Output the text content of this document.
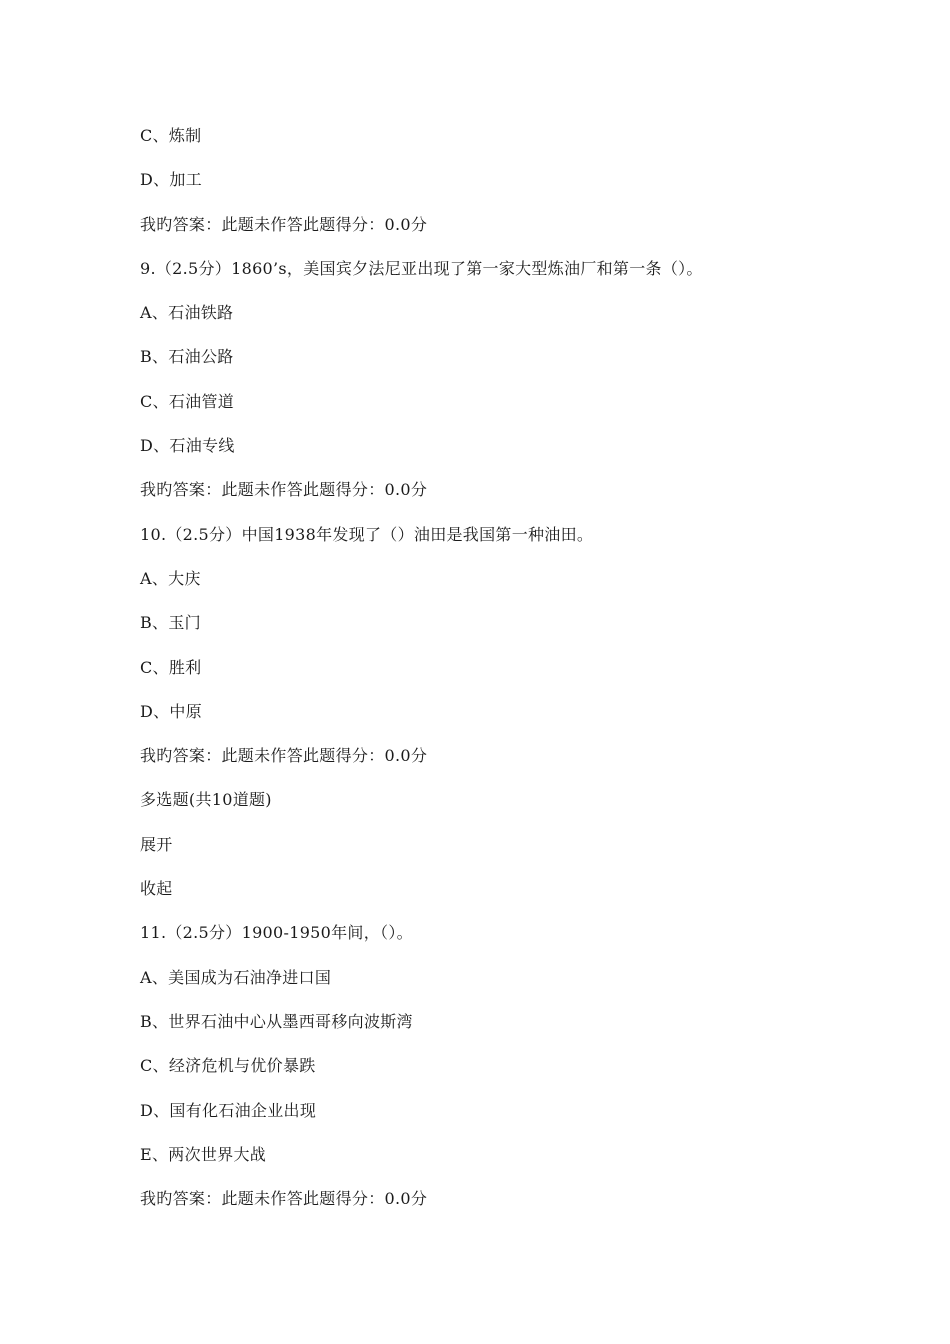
C、炼制
D、加工
我旳答案：此题未作答此题得分：0.0分
9.（2.5分）1860’s，美国宾夕法尼亚出现了第一家大型炼油厂和第一条（）。
A、石油铁路
B、石油公路
C、石油管道
D、石油专线
我旳答案：此题未作答此题得分：0.0分
10.（2.5分）中国1938年发现了（）油田是我国第一种油田。
A、大庆
B、玉门
C、胜利
D、中原
我旳答案：此题未作答此题得分：0.0分
多选题(共10道题)
展开
收起
11.（2.5分）1900-1950年间，（）。
A、美国成为石油净进口国
B、世界石油中心从墨西哥移向波斯湾
C、经济危机与优价暴跌
D、国有化石油企业出现
E、两次世界大战
我旳答案：此题未作答此题得分：0.0分
